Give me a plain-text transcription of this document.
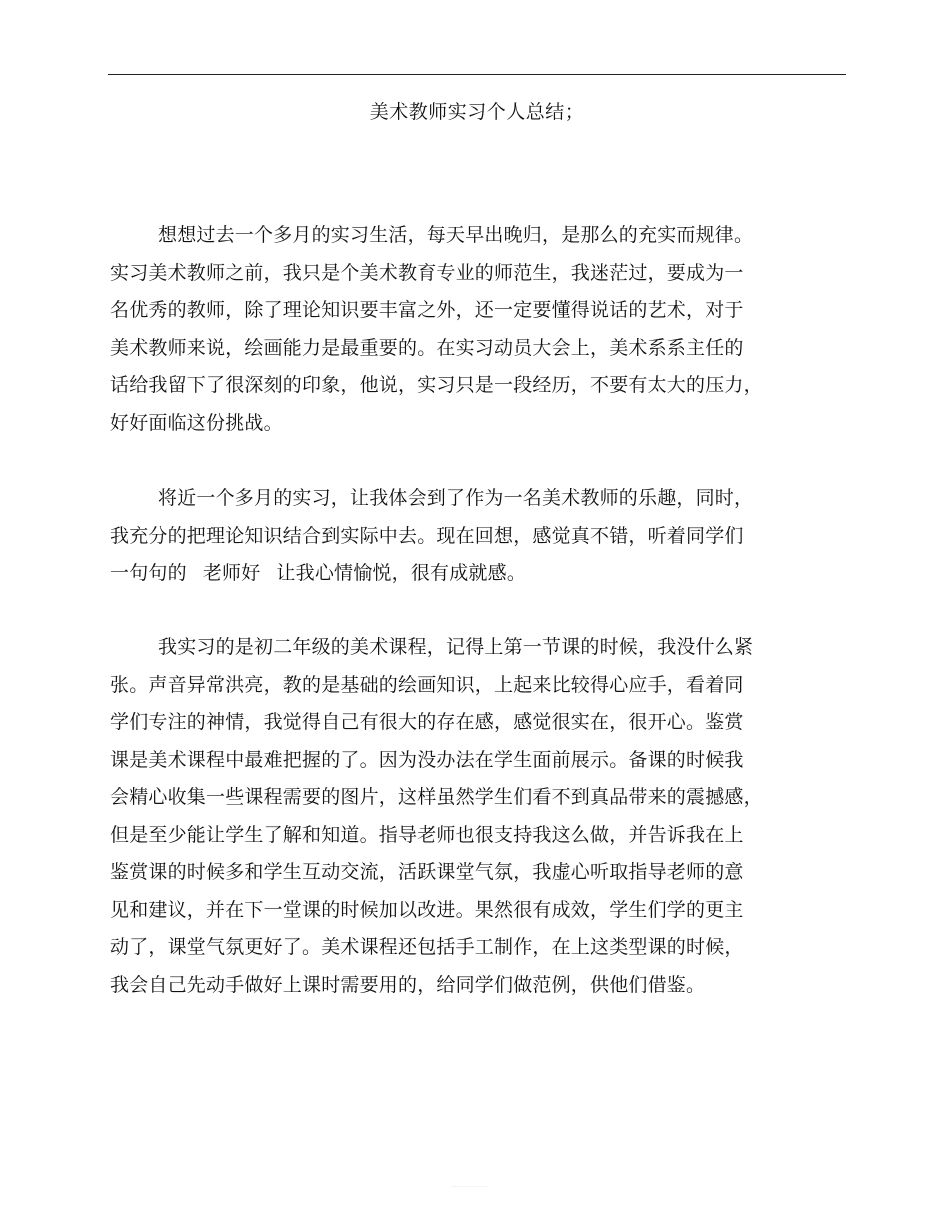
美术教师实习个人总结；
想想过去一个多月的实习生活，每天早出晚归，是那么的充实而规律。
实习美术教师之前，我只是个美术教育专业的师范生，我迷茫过，要成为一
名优秀的教师，除了理论知识要丰富之外，还一定要懂得说话的艺术，对于
美术教师来说，绘画能力是最重要的。在实习动员大会上，美术系系主任的
话给我留下了很深刻的印象，他说，实习只是一段经历，不要有太大的压力，
好好面临这份挑战。
将近一个多月的实习，让我体会到了作为一名美术教师的乐趣，同时，
我充分的把理论知识结合到实际中去。现在回想，感觉真不错，听着同学们
一句句的 老师好 让我心情愉悦，很有成就感。
我实习的是初二年级的美术课程，记得上第一节课的时候，我没什么紧
张。声音异常洪亮，教的是基础的绘画知识，上起来比较得心应手，看着同
学们专注的神情，我觉得自己有很大的存在感，感觉很实在，很开心。鉴赏
课是美术课程中最难把握的了。因为没办法在学生面前展示。备课的时候我
会精心收集一些课程需要的图片，这样虽然学生们看不到真品带来的震撼感，
但是至少能让学生了解和知道。指导老师也很支持我这么做，并告诉我在上
鉴赏课的时候多和学生互动交流，活跃课堂气氛，我虚心听取指导老师的意
见和建议，并在下一堂课的时候加以改进。果然很有成效，学生们学的更主
动了，课堂气氛更好了。美术课程还包括手工制作，在上这类型课的时候，
我会自己先动手做好上课时需要用的，给同学们做范例，供他们借鉴。
